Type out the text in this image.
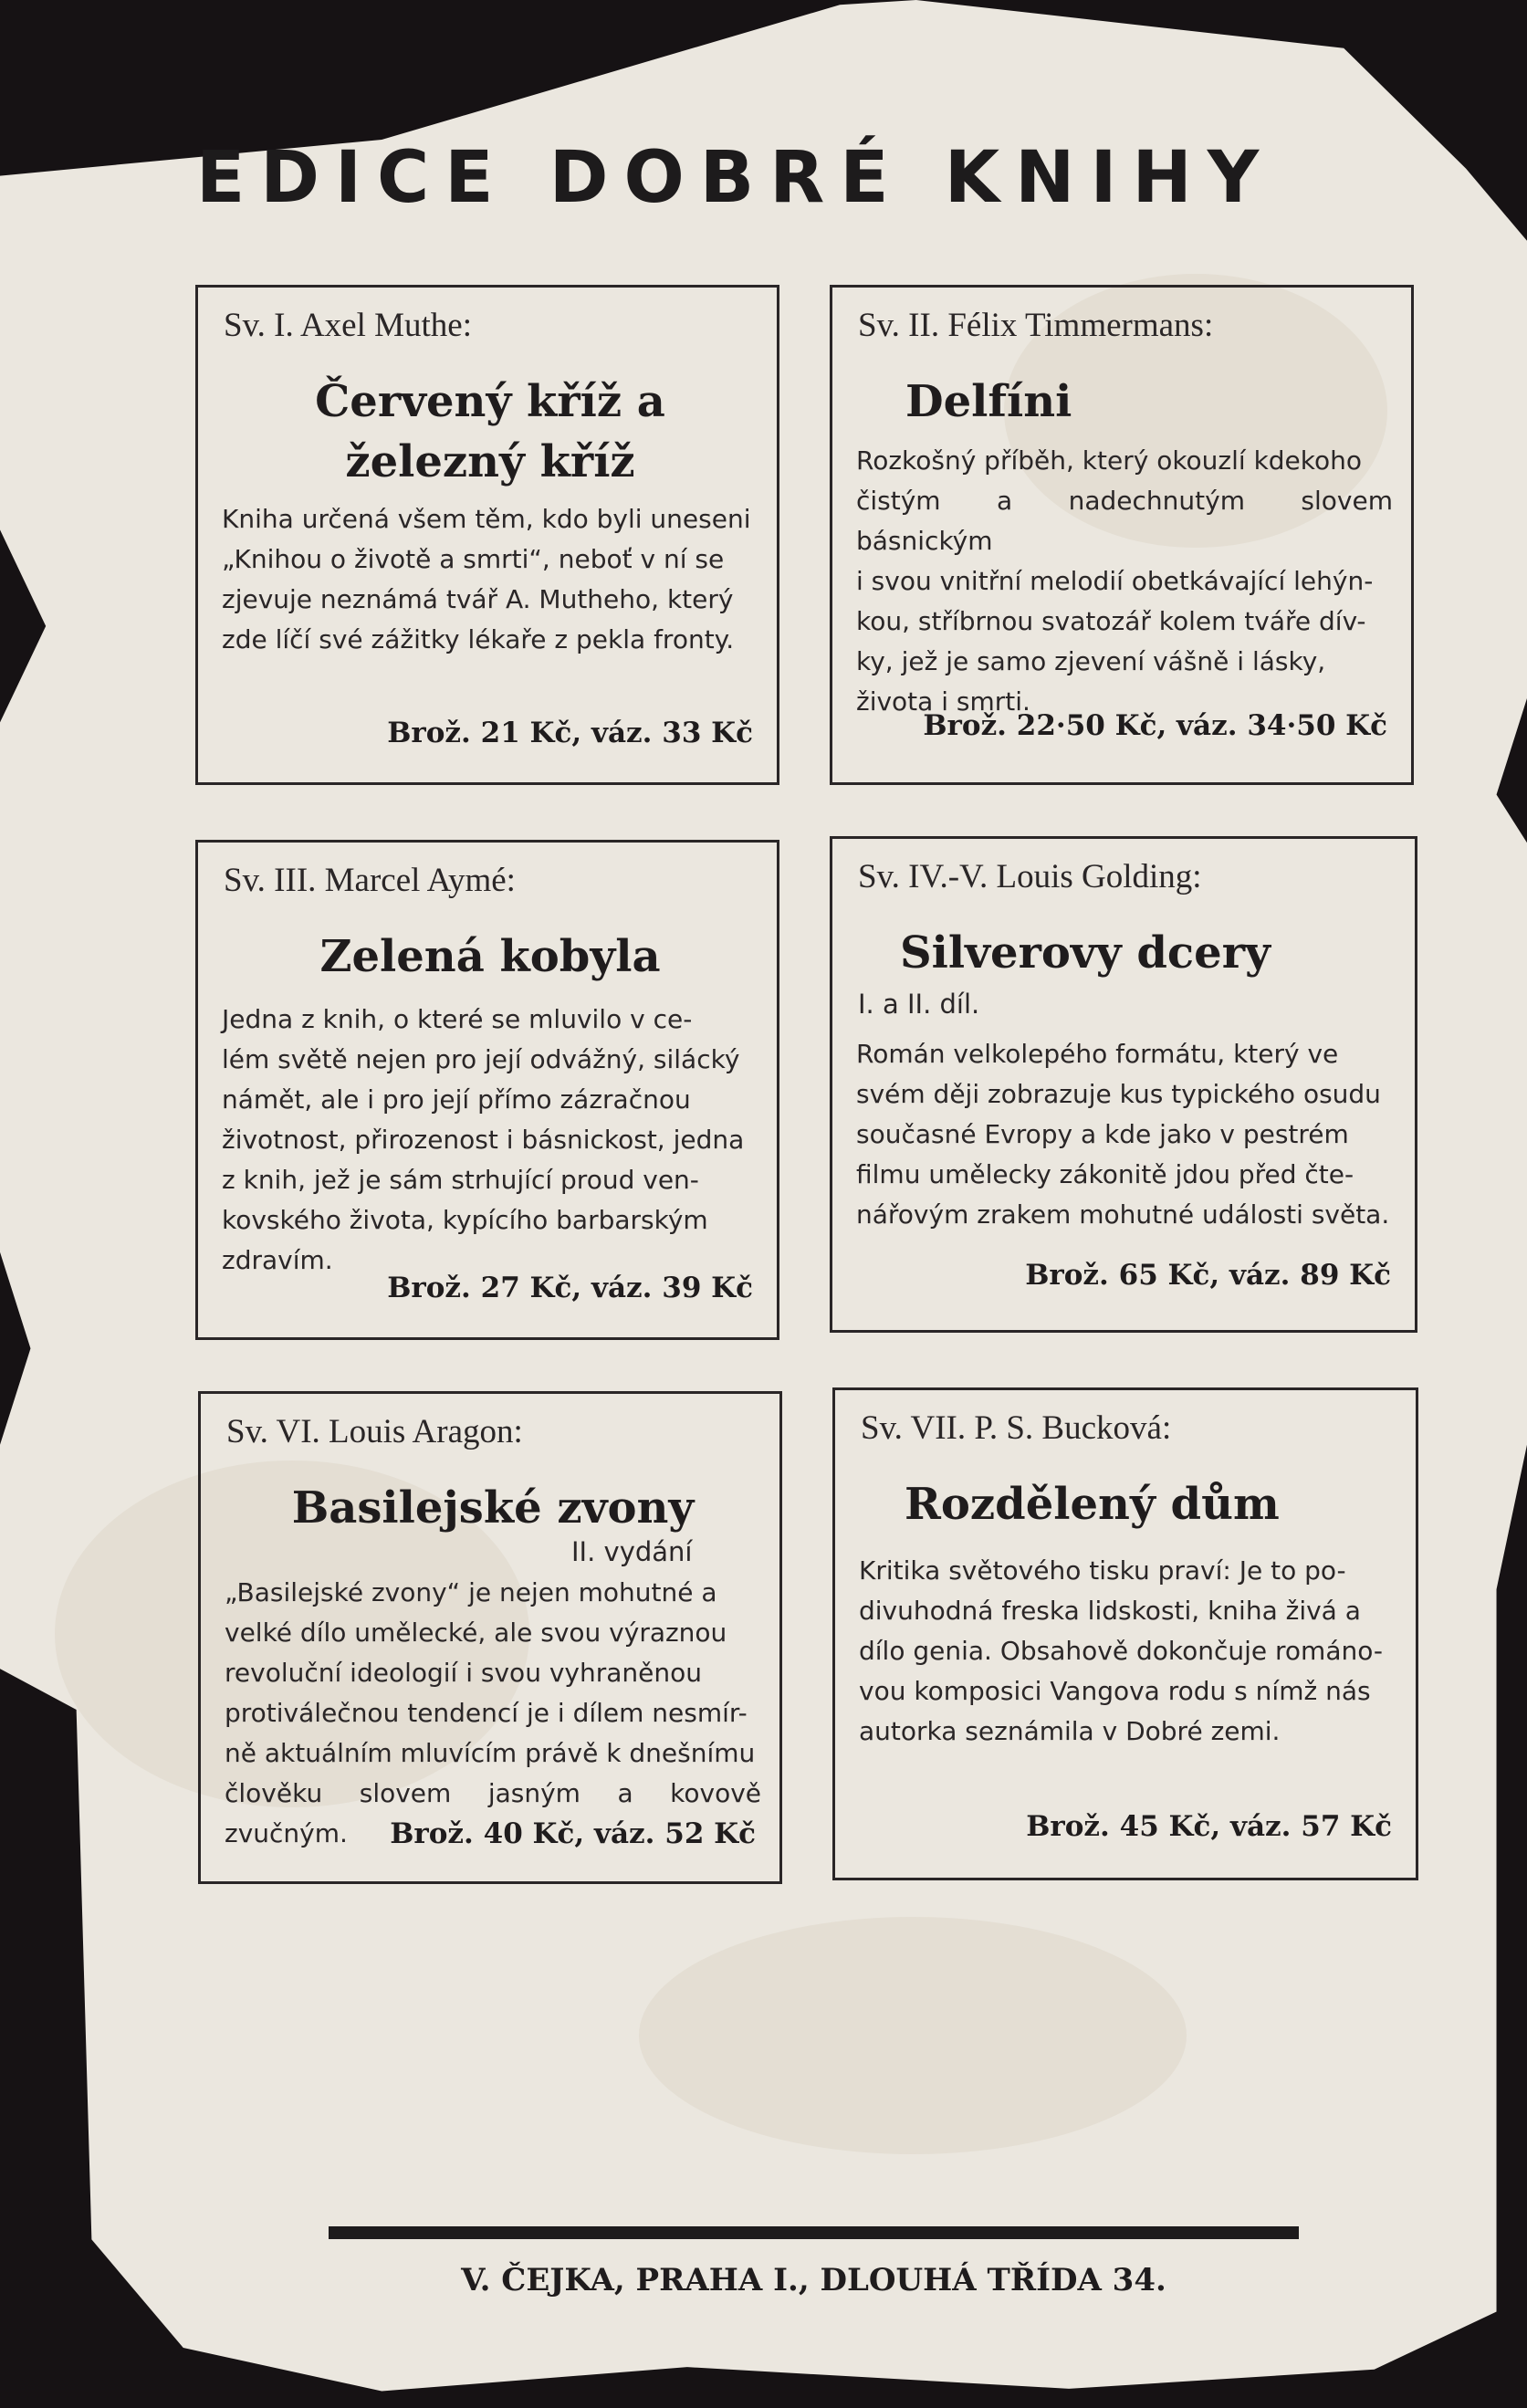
EDICE DOBRÉ KNIHY
Sv. I. Axel Muthe:
Červený kříž a
železný kříž
Kniha určená všem těm, kdo byli uneseni
„Knihou o životě a smrti“, neboť v ní se
zjevuje neznámá tvář A. Mutheho, který
zde líčí své zážitky lékaře z pekla fronty.
Brož. 21 Kč, váz. 33 Kč
Sv. II. Félix Timmermans:
Delfíni
Rozkošný příběh, který okouzlí kdekoho
čistým a nadechnutým slovem básnickým
i svou vnitřní melodií obetkávající lehýn-
kou, stříbrnou svatozář kolem tváře dív-
ky, jež je samo zjevení vášně i lásky,
života i smrti.
Brož. 22·50 Kč, váz. 34·50 Kč
Sv. III. Marcel Aymé:
Zelená kobyla
Jedna z knih, o které se mluvilo v ce-
lém světě nejen pro její odvážný, silácký
námět, ale i pro její přímo zázračnou
životnost, přirozenost i básnickost, jedna
z knih, jež je sám strhující proud ven-
kovského života, kypícího barbarským
zdravím.
Brož. 27 Kč, váz. 39 Kč
Sv. IV.-V. Louis Golding:
Silverovy dcery
I. a II. díl.
Román velkolepého formátu, který ve
svém ději zobrazuje kus typického osudu
současné Evropy a kde jako v pestrém
filmu umělecky zákonitě jdou před čte-
nářovým zrakem mohutné události světa.
Brož. 65 Kč, váz. 89 Kč
Sv. VI. Louis Aragon:
Basilejské zvony
II. vydání
„Basilejské zvony“ je nejen mohutné a
velké dílo umělecké, ale svou výraznou
revoluční ideologií i svou vyhraněnou
protiválečnou tendencí je i dílem nesmír-
ně aktuálním mluvícím právě k dnešnímu
člověku slovem jasným a kovově zvučným.	Brož. 40 Kč, váz. 52 Kč
Sv. VII. P. S. Bucková:
Rozdělený dům
Kritika světového tisku praví: Je to po-
divuhodná freska lidskosti, kniha živá a
dílo genia. Obsahově dokončuje románo-
vou komposici Vangova rodu s nímž nás
autorka seznámila v Dobré zemi.
Brož. 45 Kč, váz. 57 Kč
V. ČEJKA, PRAHA I., DLOUHÁ TŘÍDA 34.
